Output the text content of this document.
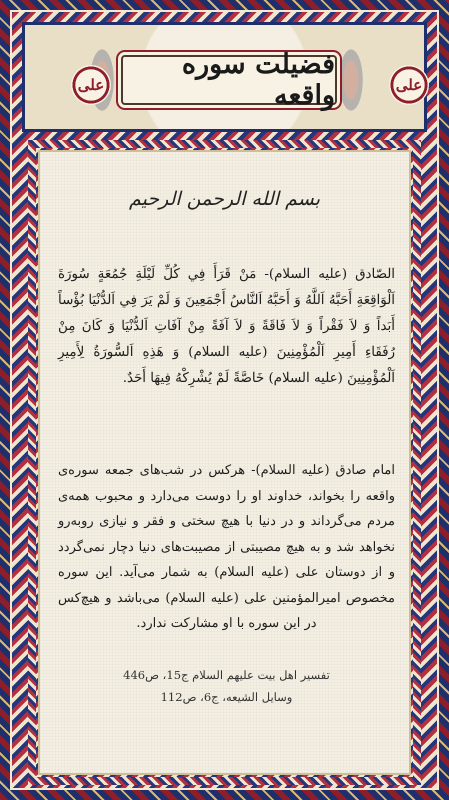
علی
فضیلت سوره واقعه	علی
بسم الله الرحمن الرحیم
الصّادق (علیه السلام)- مَنْ قَرَأَ فِي كُلِّ لَيْلَةِ جُمُعَةٍ سُورَةَ اَلْوَاقِعَةِ أَحَبَّهُ اَللَّهُ وَ أَحَبَّهُ اَلنَّاسُ أَجْمَعِينَ وَ لَمْ يَرَ فِي اَلدُّنْيَا بُؤْساً أَبَداً وَ لاَ فَقْراً وَ لاَ فَاقَةً وَ لاَ آفَةً مِنْ آفَاتِ اَلدُّنْيَا وَ كَانَ مِنْ رُفَقَاءِ أَمِيرِ اَلْمُؤْمِنِينَ (علیه السلام) وَ هَذِهِ اَلسُّورَةُ لِأَمِيرِ اَلْمُؤْمِنِينَ (علیه السلام) خَاصَّةً لَمْ يُشْرِكْهُ فِيهَا أَحَدٌ.
امام صادق (علیه السلام)- هرکس در شب‌های جمعه سوره‌ی واقعه را بخواند، خداوند او را دوست می‌دارد و محبوب همه‌ی مردم می‌گرداند و در دنیا با هیچ سختی و فقر و نیازی روبه‌رو نخواهد شد و به هیچ مصیبتی از مصیبت‌های دنیا دچار نمی‌گردد و از دوستان علی (علیه السلام) به شمار می‌آید. این سوره مخصوص امیرالمؤمنین علی (علیه السلام) می‌باشد و هیچ‌کس در این سوره با او مشارکت ندارد.
تفسیر اهل بیت علیهم السلام ج15، ص446
وسایل الشیعه، ج6، ص112
